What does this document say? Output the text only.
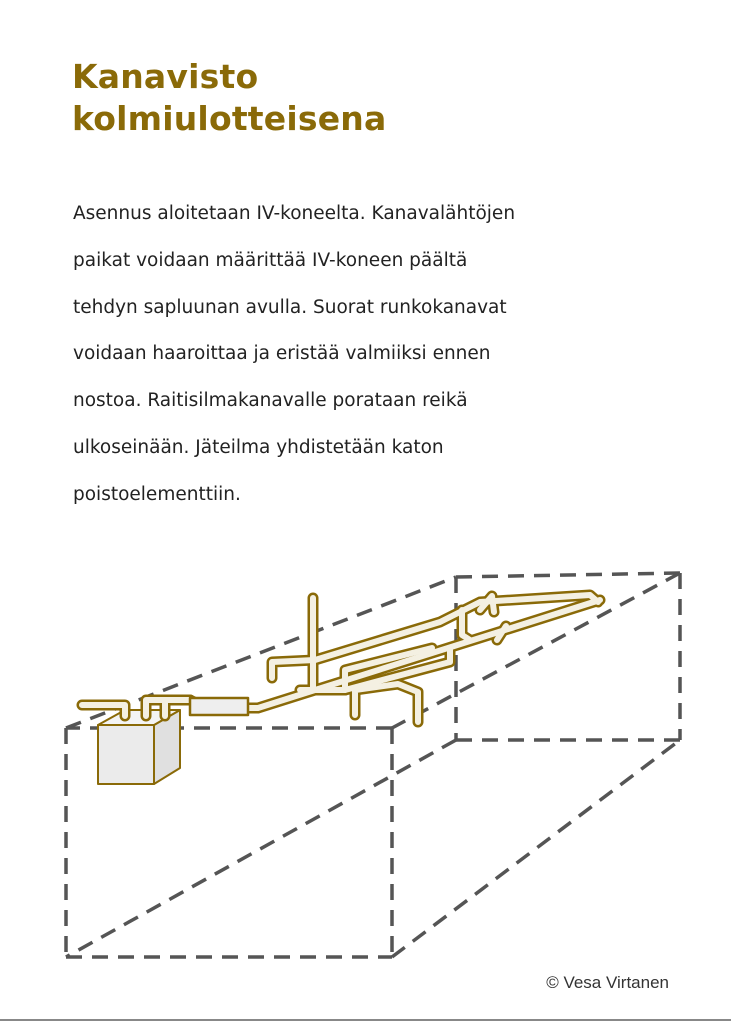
Kanavisto
kolmiulotteisena
Asennus aloitetaan IV-koneelta. Kanavalähtöjen
paikat voidaan määrittää IV-koneen päältä
tehdyn sapluunan avulla. Suorat runkokanavat
voidaan haaroittaa ja eristää valmiiksi ennen
nostoa. Raitisilmakanavalle porataan reikä
ulkoseinään. Jäteilma yhdistetään katon
poistoelementtiin.
© Vesa Virtanen
